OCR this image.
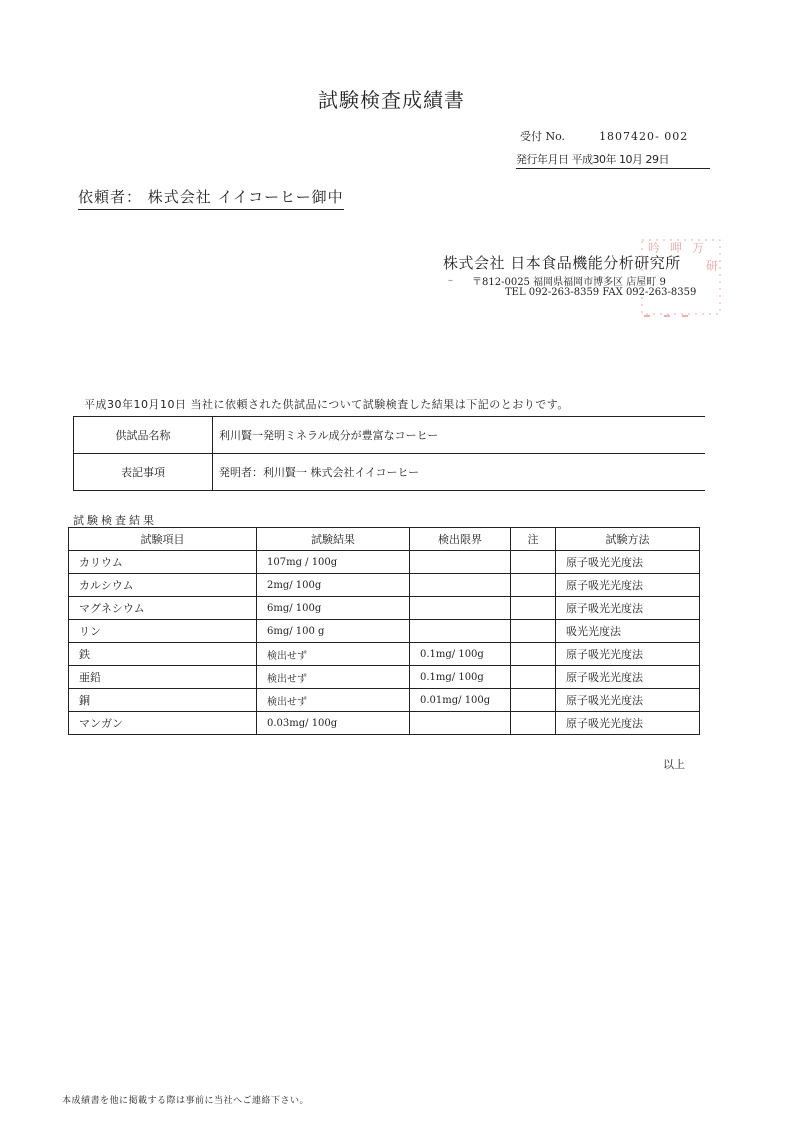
試験検査成績書
受付 No.	1807420- 002
発行年月日 平成30年 10月 29日
依頼者： 株式会社 イイコーヒー御中
株式会社 日本食品機能分析研究所
– 〒812-0025 福岡県福岡市博多区 店屋町 9
TEL 092-263-8359 FAX 092-263-8359
吟 呷 万
研
平成30年10月10日 当社に依頼された供試品について試験検査した結果は下記のとおりです。
供試品名称	利川賢一発明ミネラル成分が豊富なコーヒー
表記事項	発明者：利川賢一 株式会社イイコーヒー
試験検査結果
試験項目	試験結果	検出限界	注	試験方法
カリウム	107mg / 100g			原子吸光光度法
カルシウム	2mg/ 100g			原子吸光光度法
マグネシウム	6mg/ 100g			原子吸光光度法
リン	6mg/ 100 g			吸光光度法
鉄	検出せず	0.1mg/ 100g		原子吸光光度法
亜鉛	検出せず	0.1mg/ 100g		原子吸光光度法
銅	検出せず	0.01mg/ 100g		原子吸光光度法
マンガン	0.03mg/ 100g			原子吸光光度法
以上
本成績書を他に掲載する際は事前に当社へご連絡下さい。
